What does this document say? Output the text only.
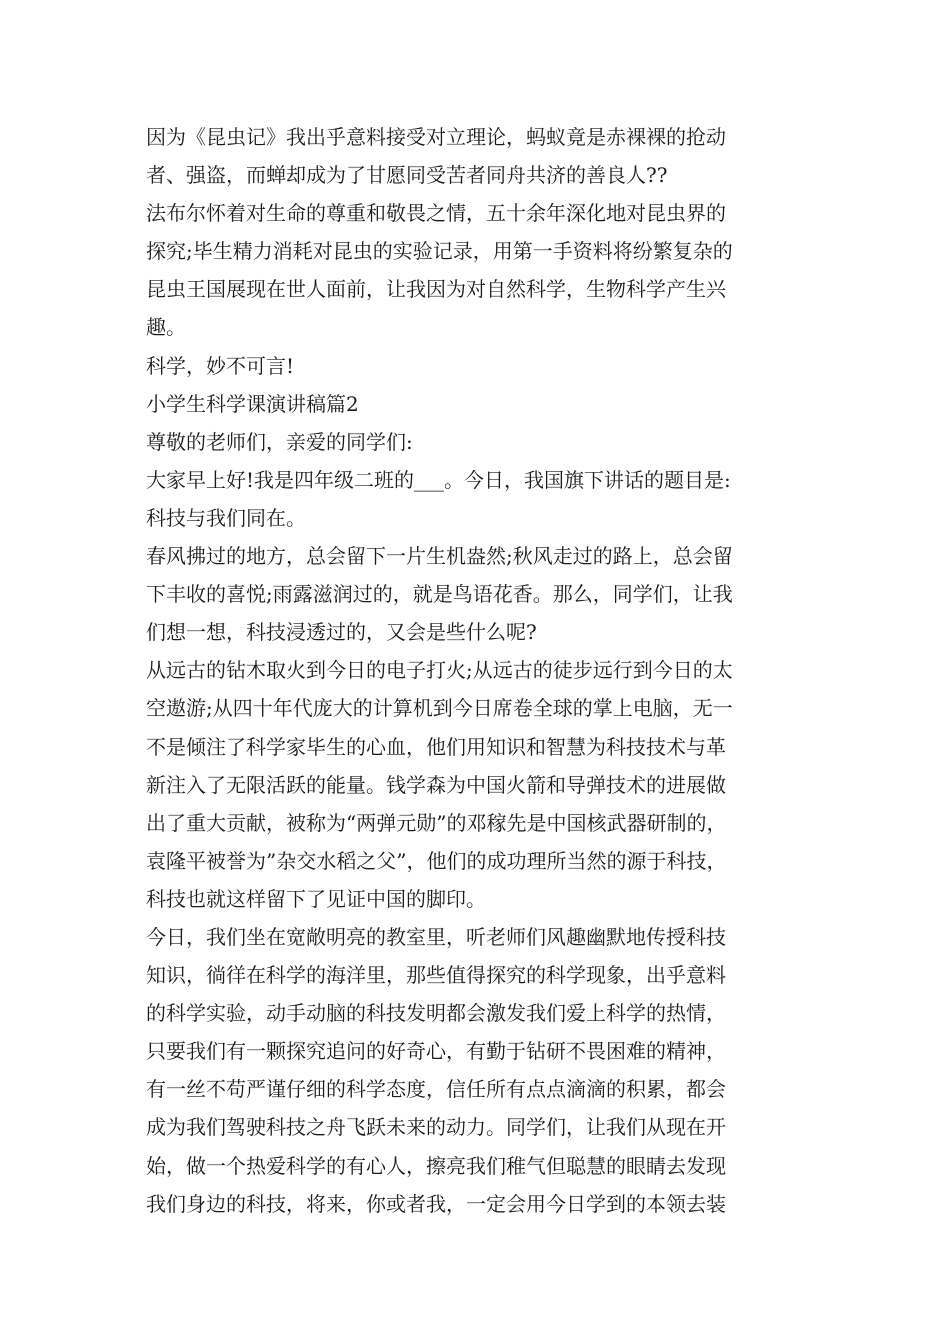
因为《昆虫记》我出乎意料接受对立理论，蚂蚁竟是赤裸裸的抢动
者、强盗，而蝉却成为了甘愿同受苦者同舟共济的善良人??
法布尔怀着对生命的尊重和敬畏之情，五十余年深化地对昆虫界的
探究;毕生精力消耗对昆虫的实验记录，用第一手资料将纷繁复杂的
昆虫王国展现在世人面前，让我因为对自然科学，生物科学产生兴
趣。
科学，妙不可言!
小学生科学课演讲稿篇2
尊敬的老师们，亲爱的同学们:
大家早上好!我是四年级二班的___。今日，我国旗下讲话的题目是:
科技与我们同在。
春风拂过的地方，总会留下一片生机盎然;秋风走过的路上，总会留
下丰收的喜悦;雨露滋润过的，就是鸟语花香。那么，同学们，让我
们想一想，科技浸透过的，又会是些什么呢?
从远古的钻木取火到今日的电子打火;从远古的徒步远行到今日的太
空遨游;从四十年代庞大的计算机到今日席卷全球的掌上电脑，无一
不是倾注了科学家毕生的心血，他们用知识和智慧为科技技术与革
新注入了无限活跃的能量。钱学森为中国火箭和导弹技术的进展做
出了重大贡献，被称为“两弹元勋”的邓稼先是中国核武器研制的，
袁隆平被誉为”杂交水稻之父”，他们的成功理所当然的源于科技，
科技也就这样留下了见证中国的脚印。
今日，我们坐在宽敞明亮的教室里，听老师们风趣幽默地传授科技
知识，徜徉在科学的海洋里，那些值得探究的科学现象，出乎意料
的科学实验，动手动脑的科技发明都会激发我们爱上科学的热情，
只要我们有一颗探究追问的好奇心，有勤于钻研不畏困难的精神，
有一丝不苟严谨仔细的科学态度，信任所有点点滴滴的积累，都会
成为我们驾驶科技之舟飞跃未来的动力。同学们，让我们从现在开
始，做一个热爱科学的有心人，擦亮我们稚气但聪慧的眼睛去发现
我们身边的科技，将来，你或者我，一定会用今日学到的本领去装
